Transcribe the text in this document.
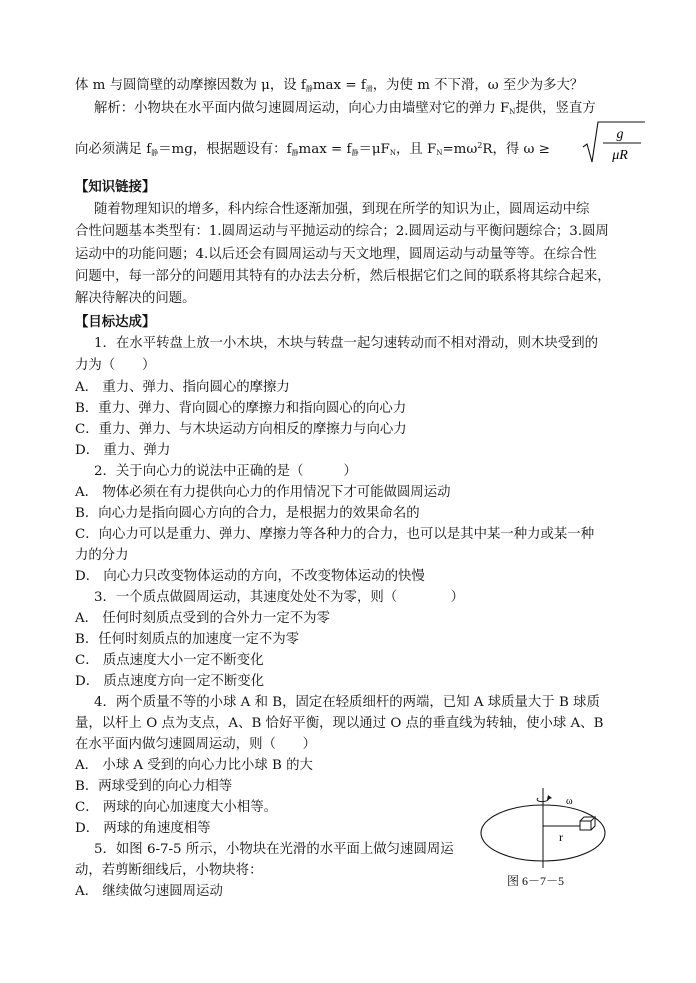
体 m 与圆筒壁的动摩擦因数为 μ，设 $f_静\max = f_滑$，为使 m 不下滑，ω 至少为多大？
解析：小物块在水平面内做匀速圆周运动，向心力由墙壁对它的弹力 $F_N$提供，竖直方
向必须满足 $f_静=mg$，根据题设有：$f_静\max = f_静=\mu F_N$，且 $F_N=m\omega^2R$，得 ω ≥
g
μR
【知识链接】
随着物理知识的增多，科内综合性逐渐加强，到现在所学的知识为止，圆周运动中综
合性问题基本类型有：1.圆周运动与平抛运动的综合；2.圆周运动与平衡问题综合；3.圆周
运动中的功能问题；4.以后还会有圆周运动与天文地理，圆周运动与动量等等。在综合性
问题中，每一部分的问题用其特有的办法去分析，然后根据它们之间的联系将其综合起来，
解决待解决的问题。
【目标达成】
1．在水平转盘上放一小木块，木块与转盘一起匀速转动而不相对滑动，则木块受到的
力为（　　）
A． 重力、弹力、指向圆心的摩擦力
B．重力、弹力、背向圆心的摩擦力和指向圆心的向心力
C．重力、弹力、与木块运动方向相反的摩擦力与向心力
D． 重力、弹力
2．关于向心力的说法中正确的是（　　　）
A． 物体必须在有力提供向心力的作用情况下才可能做圆周运动
B．向心力是指向圆心方向的合力，是根据力的效果命名的
C．向心力可以是重力、弹力、摩擦力等各种力的合力，也可以是其中某一种力或某一种
力的分力
D． 向心力只改变物体运动的方向，不改变物体运动的快慢
3．一个质点做圆周运动，其速度处处不为零，则（　　　　）
A． 任何时刻质点受到的合外力一定不为零
B．任何时刻质点的加速度一定不为零
C． 质点速度大小一定不断变化
D． 质点速度方向一定不断变化
4．两个质量不等的小球 A 和 B，固定在轻质细杆的两端，已知 A 球质量大于 B 球质
量，以杆上 O 点为支点，A、B 恰好平衡，现以通过 O 点的垂直线为转轴，使小球 A、B
在水平面内做匀速圆周运动，则（　　）
A． 小球 A 受到的向心力比小球 B 的大
B．两球受到的向心力相等
C． 两球的向心加速度大小相等。
D． 两球的角速度相等
5．如图 6-7-5 所示，小物块在光滑的水平面上做匀速圆周运
动，若剪断细线后，小物块将：
A． 继续做匀速圆周运动
ω
r
图 6－7－5
